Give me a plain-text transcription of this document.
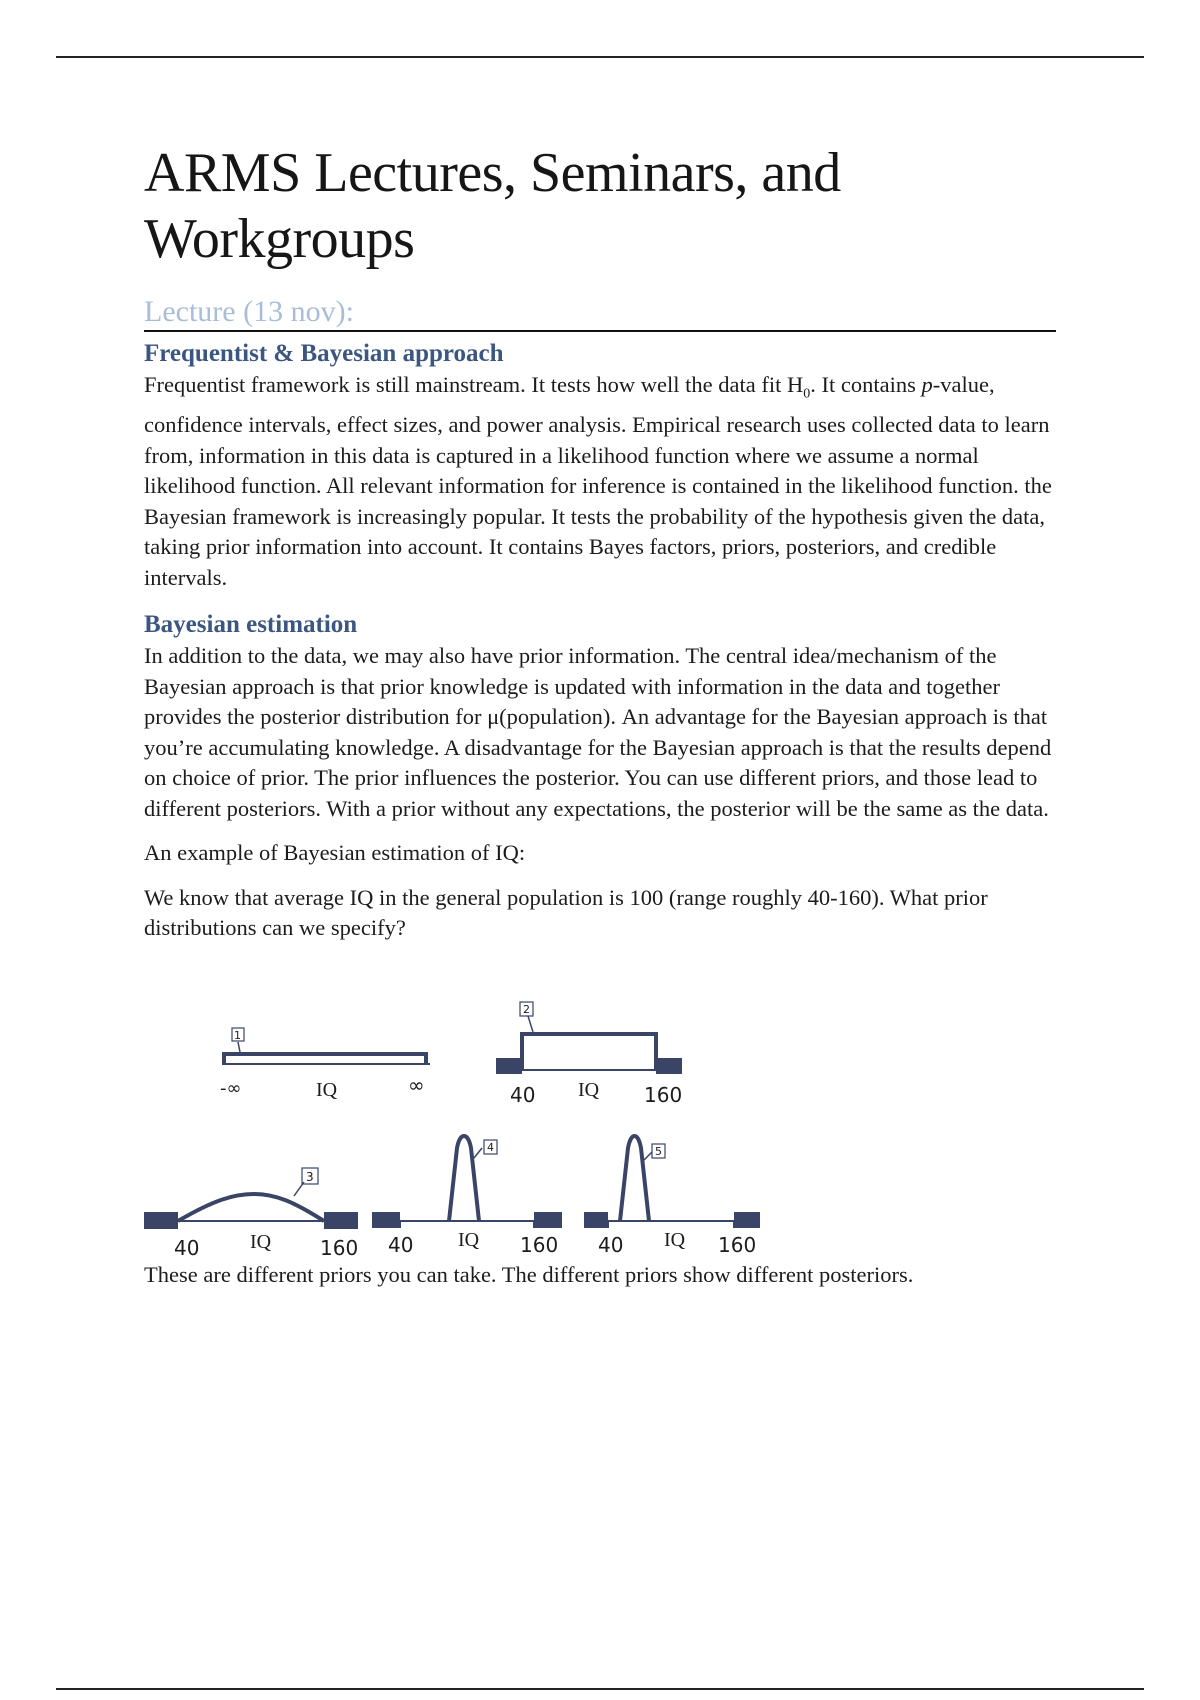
ARMS Lectures, Seminars, and Workgroups
Lecture (13 nov):
Frequentist & Bayesian approach

Frequentist framework is still mainstream. It tests how well the data fit $H_0$. It contains p-value, confidence intervals, effect sizes, and power analysis. Empirical research uses collected data to learn from, information in this data is captured in a likelihood function where we assume a normal likelihood function. All relevant information for inference is contained in the likelihood function. the Bayesian framework is increasingly popular. It tests the probability of the hypothesis given the data, taking prior information into account. It contains Bayes factors, priors, posteriors, and credible intervals.

Bayesian estimation

In addition to the data, we may also have prior information. The central idea/mechanism of the Bayesian approach is that prior knowledge is updated with information in the data and together provides the posterior distribution for μ(population). An advantage for the Bayesian approach is that you’re accumulating knowledge. A disadvantage for the Bayesian approach is that the results depend on choice of prior. The prior influences the posterior. You can use different priors, and those lead to different posteriors. With a prior without any expectations, the posterior will be the same as the data.

An example of Bayesian estimation of IQ:

We know that average IQ in the general population is 100 (range roughly 40-160). What prior distributions can we specify?

1
2
3
4	5
-∞	IQ	∞	40 IQ 160
40	IQ 160 40 IQ 160 40 IQ 160

These are different priors you can take. The different priors show different posteriors.
